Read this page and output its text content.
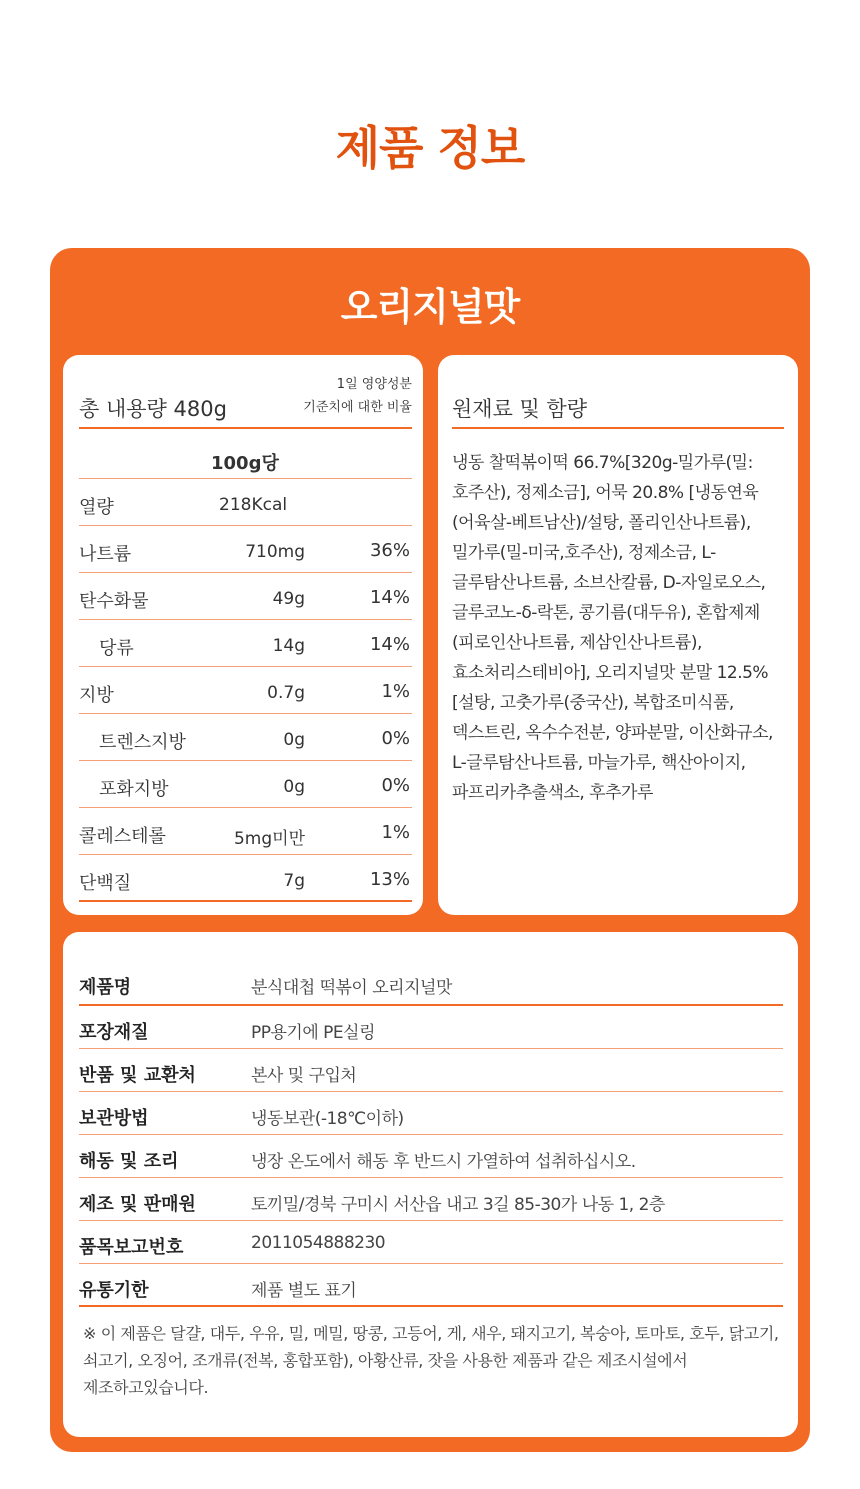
제품 정보
오리지널맛
총 내용량 480g
1일 영양성분
기준치에 대한 비율
100g당
열량	218Kcal
나트륨	710mg	36%
탄수화물	49g	14%
당류	14g	14%
지방	0.7g	1%
트렌스지방	0g	0%
포화지방	0g	0%
콜레스테롤	5mg미만	1%
단백질	7g	13%
원재료 및 함량
냉동 찰떡볶이떡 66.7%[320g-밀가루(밀:호주산), 정제소금], 어묵 20.8% [냉동연육(어육살-베트남산)/설탕, 폴리인산나트륨), 밀가루(밀-미국,호주산), 정제소금, L-글루탐산나트륨, 소브산칼륨, D-자일로오스, 글루코노-δ-락톤, 콩기름(대두유), 혼합제제(피로인산나트륨, 제삼인산나트륨), 효소처리스테비아], 오리지널맛 분말 12.5%[설탕, 고춧가루(중국산), 복합조미식품, 덱스트린, 옥수수전분, 양파분말, 이산화규소, L-글루탐산나트륨, 마늘가루, 핵산아이지, 파프리카추출색소, 후추가루
제품명	분식대첩 떡볶이 오리지널맛
포장재질	PP용기에 PE실링
반품 및 교환처	본사 및 구입처
보관방법	냉동보관(-18℃이하)
해동 및 조리	냉장 온도에서 해동 후 반드시 가열하여 섭취하십시오.
제조 및 판매원	토끼밀/경북 구미시 서산읍 내고 3길 85-30가 나동 1, 2층
품목보고번호	2011054888230
유통기한	제품 별도 표기
※ 이 제품은 달걀, 대두, 우유, 밀, 메밀, 땅콩, 고등어, 게, 새우, 돼지고기, 복숭아, 토마토, 호두, 닭고기, 쇠고기, 오징어, 조개류(전복, 홍합포함), 아황산류, 잣을 사용한 제품과 같은 제조시설에서 제조하고있습니다.
